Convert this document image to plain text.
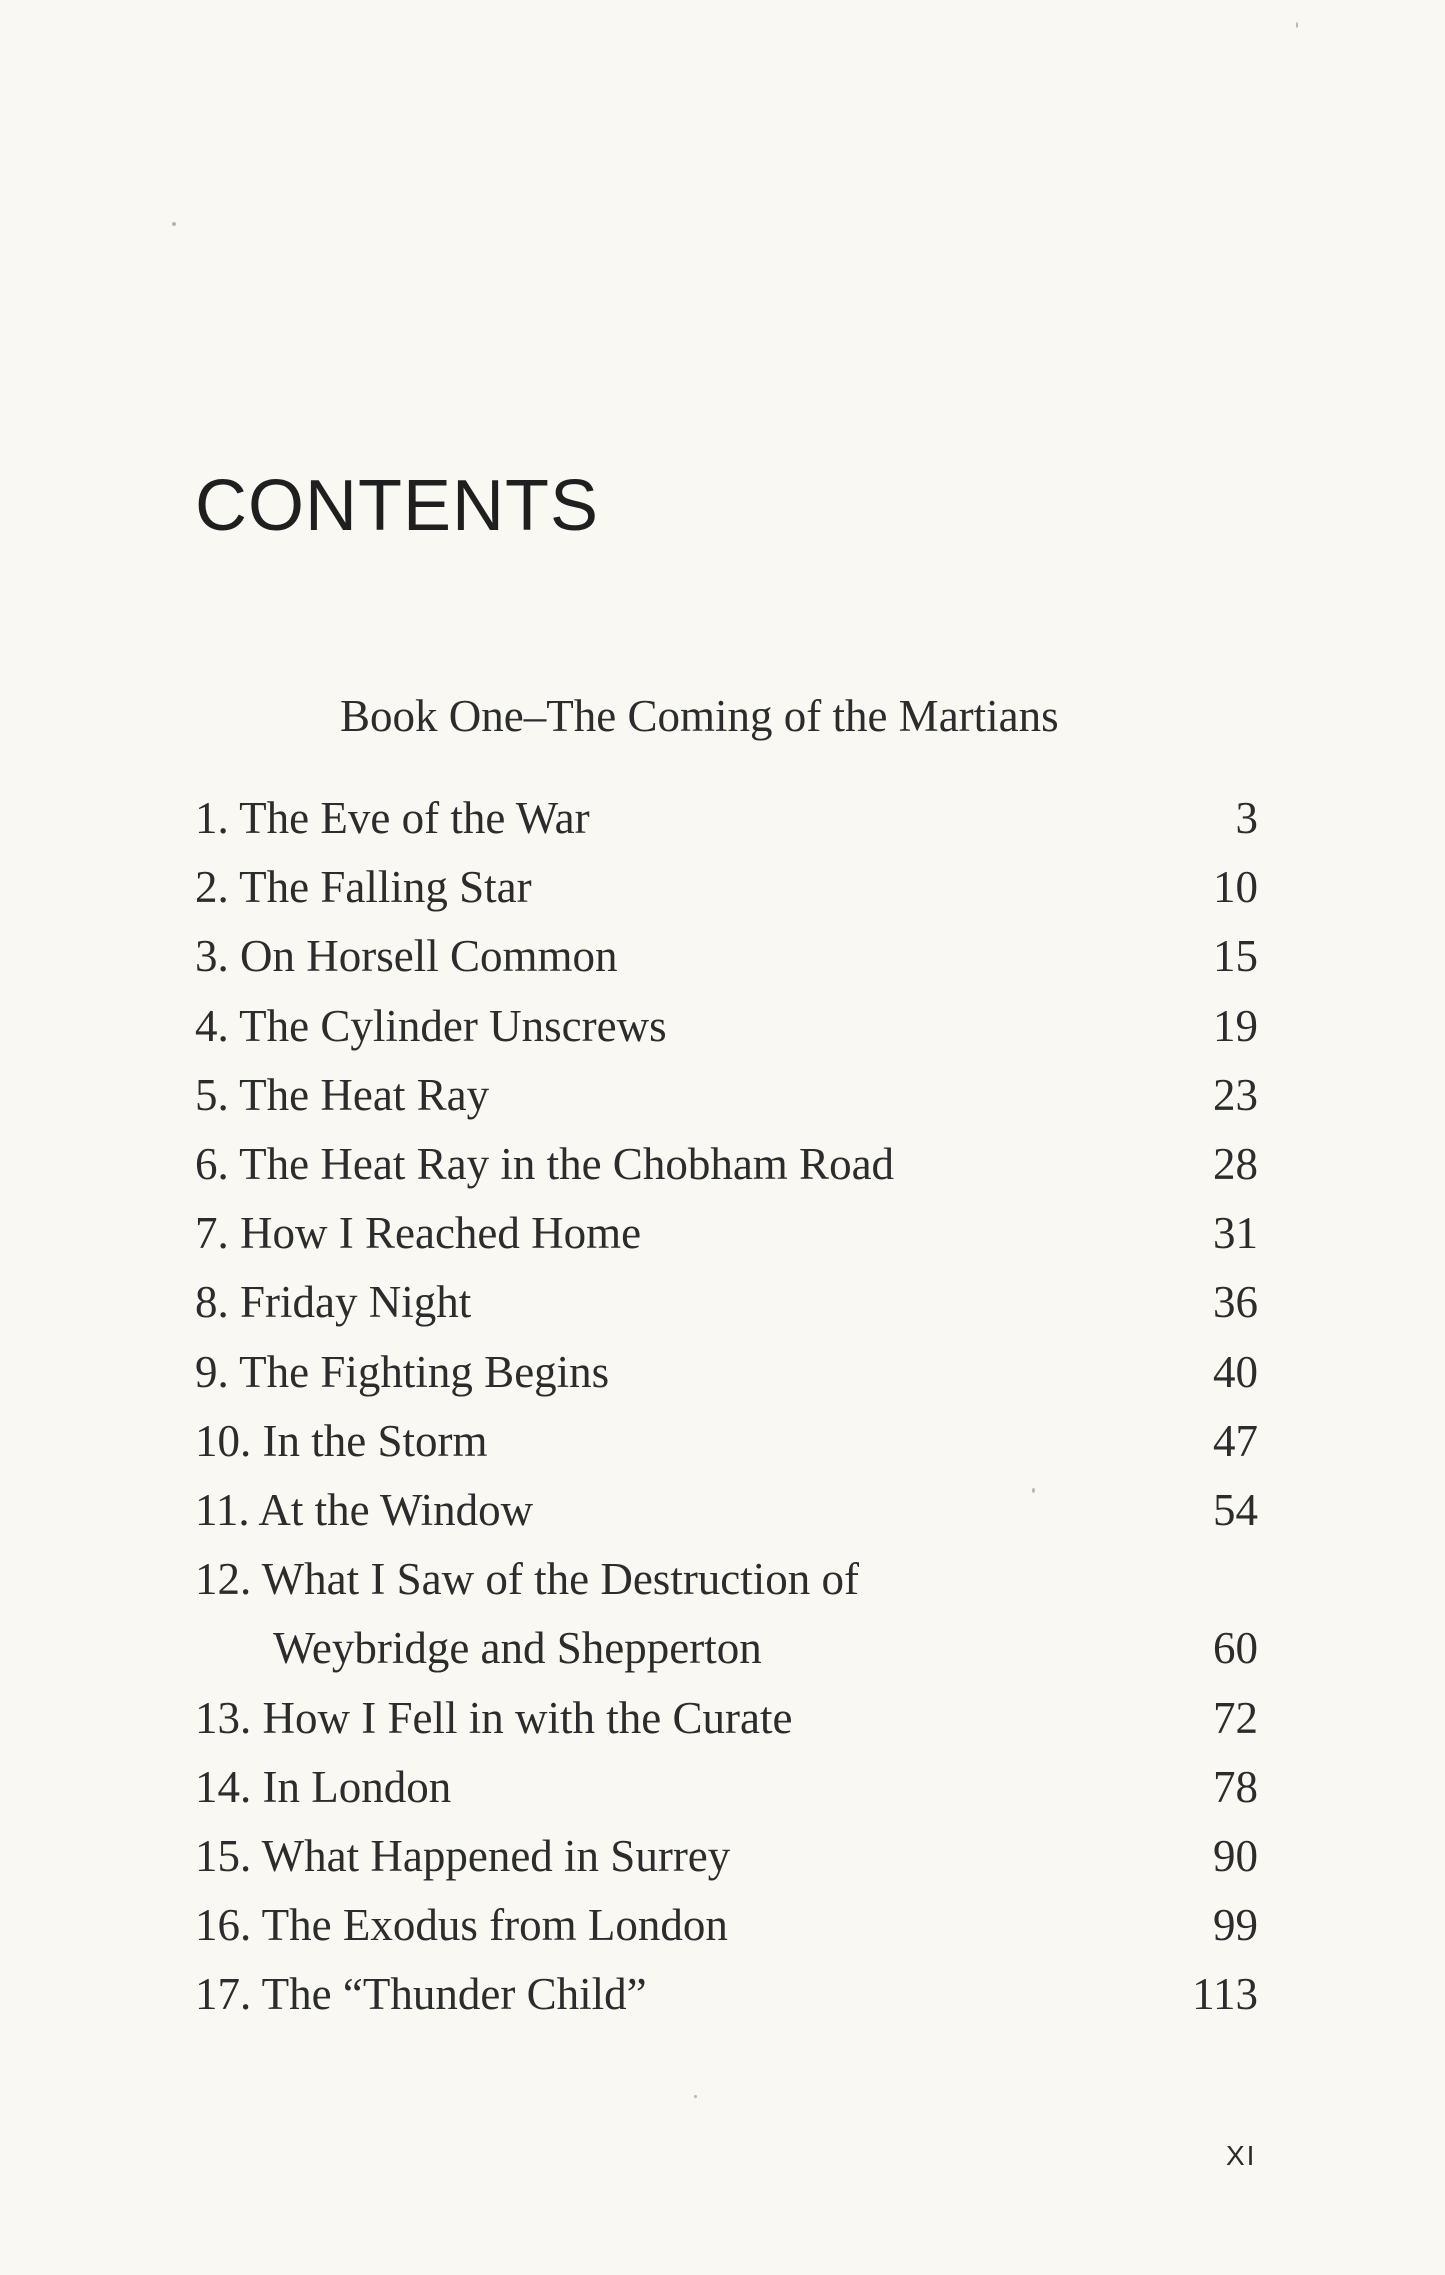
CONTENTS
Book One–The Coming of the Martians
1. The Eve of the War	3
2. The Falling Star	10
3. On Horsell Common	15
4. The Cylinder Unscrews	19
5. The Heat Ray	23
6. The Heat Ray in the Chobham Road	28
7. How I Reached Home	31
8. Friday Night	36
9. The Fighting Begins	40
10. In the Storm	47
11. At the Window	54
12. What I Saw of the Destruction of
Weybridge and Shepperton	60
13. How I Fell in with the Curate	72
14. In London	78
15. What Happened in Surrey	90
16. The Exodus from London	99
17. The “Thunder Child”	113
XI
